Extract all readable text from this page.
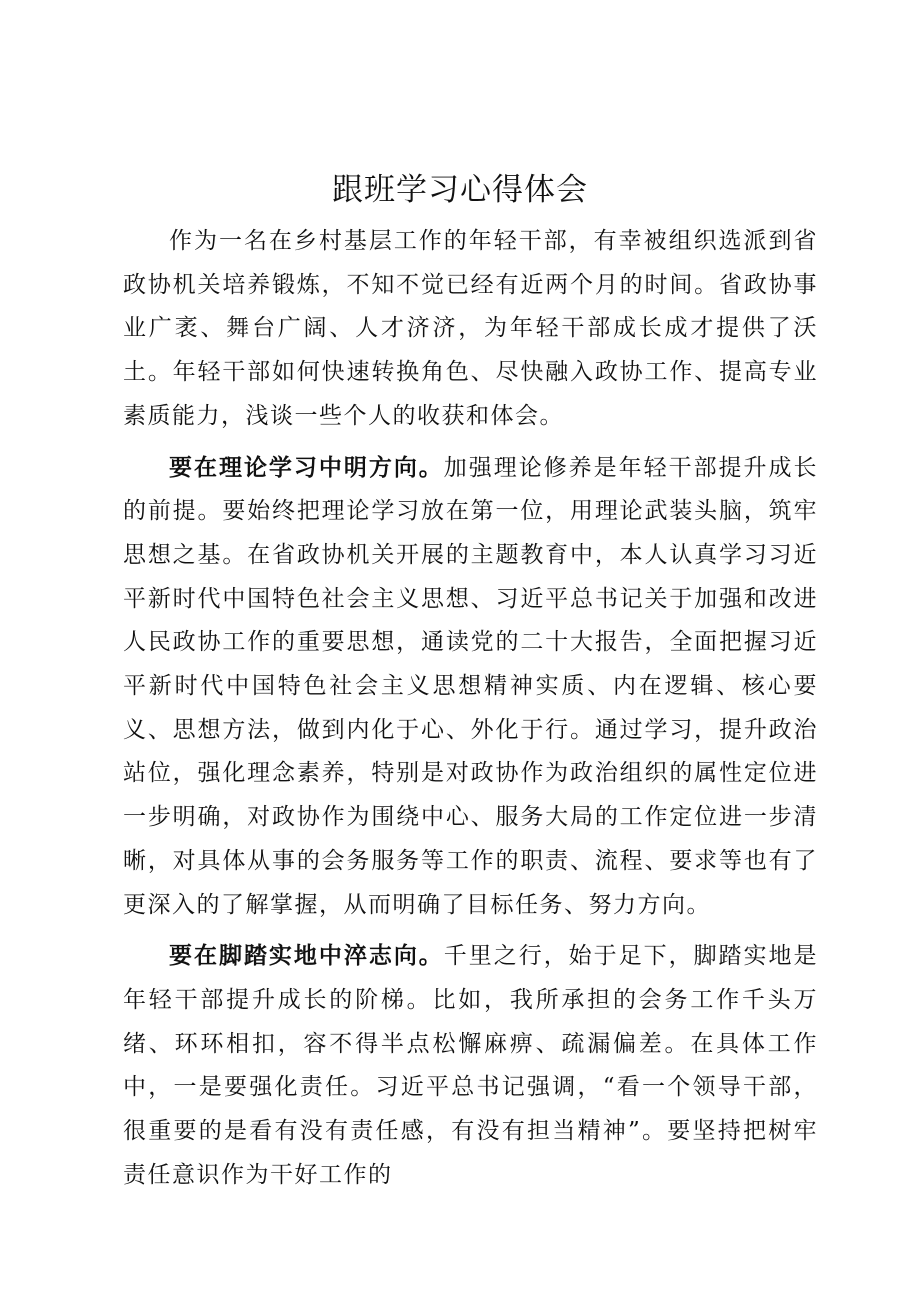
跟班学习心得体会

作为一名在乡村基层工作的年轻干部，有幸被组织选派到省政协机关培养锻炼，不知不觉已经有近两个月的时间。省政协事业广袤、舞台广阔、人才济济，为年轻干部成长成才提供了沃土。年轻干部如何快速转换角色、尽快融入政协工作、提高专业素质能力，浅谈一些个人的收获和体会。

要在理论学习中明方向。加强理论修养是年轻干部提升成长的前提。要始终把理论学习放在第一位，用理论武装头脑，筑牢思想之基。在省政协机关开展的主题教育中，本人认真学习习近平新时代中国特色社会主义思想、习近平总书记关于加强和改进人民政协工作的重要思想，通读党的二十大报告，全面把握习近平新时代中国特色社会主义思想精神实质、内在逻辑、核心要义、思想方法，做到内化于心、外化于行。通过学习，提升政治站位，强化理念素养，特别是对政协作为政治组织的属性定位进一步明确，对政协作为围绕中心、服务大局的工作定位进一步清晰，对具体从事的会务服务等工作的职责、流程、要求等也有了更深入的了解掌握，从而明确了目标任务、努力方向。

要在脚踏实地中淬志向。千里之行，始于足下，脚踏实地是年轻干部提升成长的阶梯。比如，我所承担的会务工作千头万绪、环环相扣，容不得半点松懈麻痹、疏漏偏差。在具体工作中，一是要强化责任。习近平总书记强调，“看一个领导干部，很重要的是看有没有责任感，有没有担当精神”。要坚持把树牢责任意识作为干好工作的
